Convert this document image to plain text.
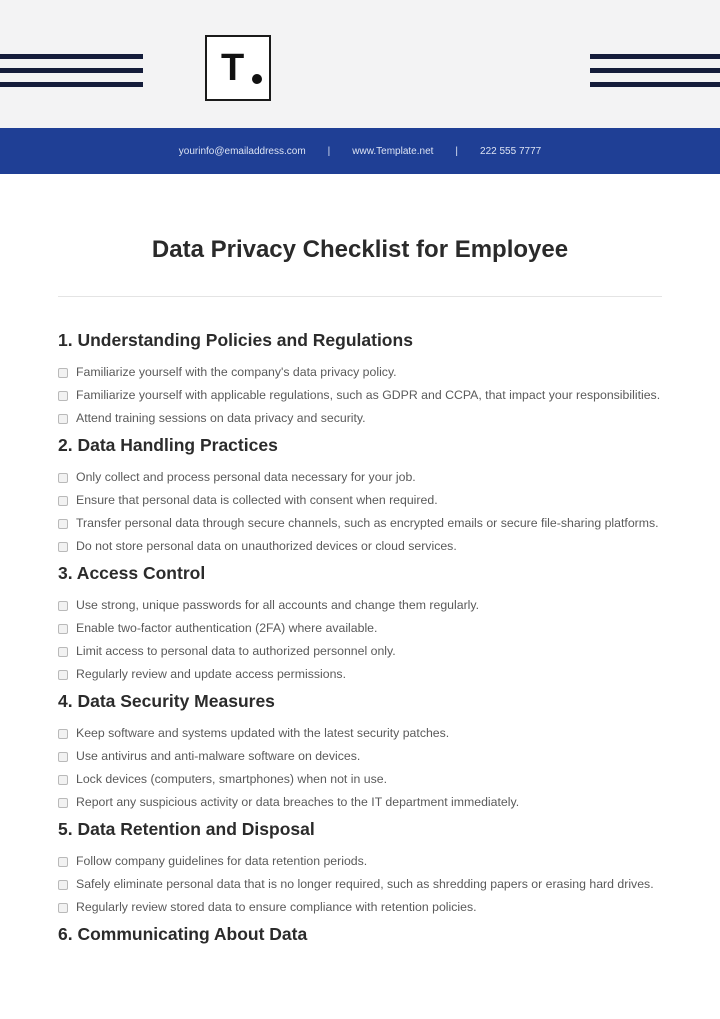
T
yourinfo@emailaddress.com | www.Template.net | 222 555 7777
Data Privacy Checklist for Employee
1. Understanding Policies and Regulations
Familiarize yourself with the company's data privacy policy.
Familiarize yourself with applicable regulations, such as GDPR and CCPA, that impact your responsibilities.
Attend training sessions on data privacy and security.
2. Data Handling Practices
Only collect and process personal data necessary for your job.
Ensure that personal data is collected with consent when required.
Transfer personal data through secure channels, such as encrypted emails or secure file-sharing platforms.
Do not store personal data on unauthorized devices or cloud services.
3. Access Control
Use strong, unique passwords for all accounts and change them regularly.
Enable two-factor authentication (2FA) where available.
Limit access to personal data to authorized personnel only.
Regularly review and update access permissions.
4. Data Security Measures
Keep software and systems updated with the latest security patches.
Use antivirus and anti-malware software on devices.
Lock devices (computers, smartphones) when not in use.
Report any suspicious activity or data breaches to the IT department immediately.
5. Data Retention and Disposal
Follow company guidelines for data retention periods.
Safely eliminate personal data that is no longer required, such as shredding papers or erasing hard drives.
Regularly review stored data to ensure compliance with retention policies.
6. Communicating About Data
